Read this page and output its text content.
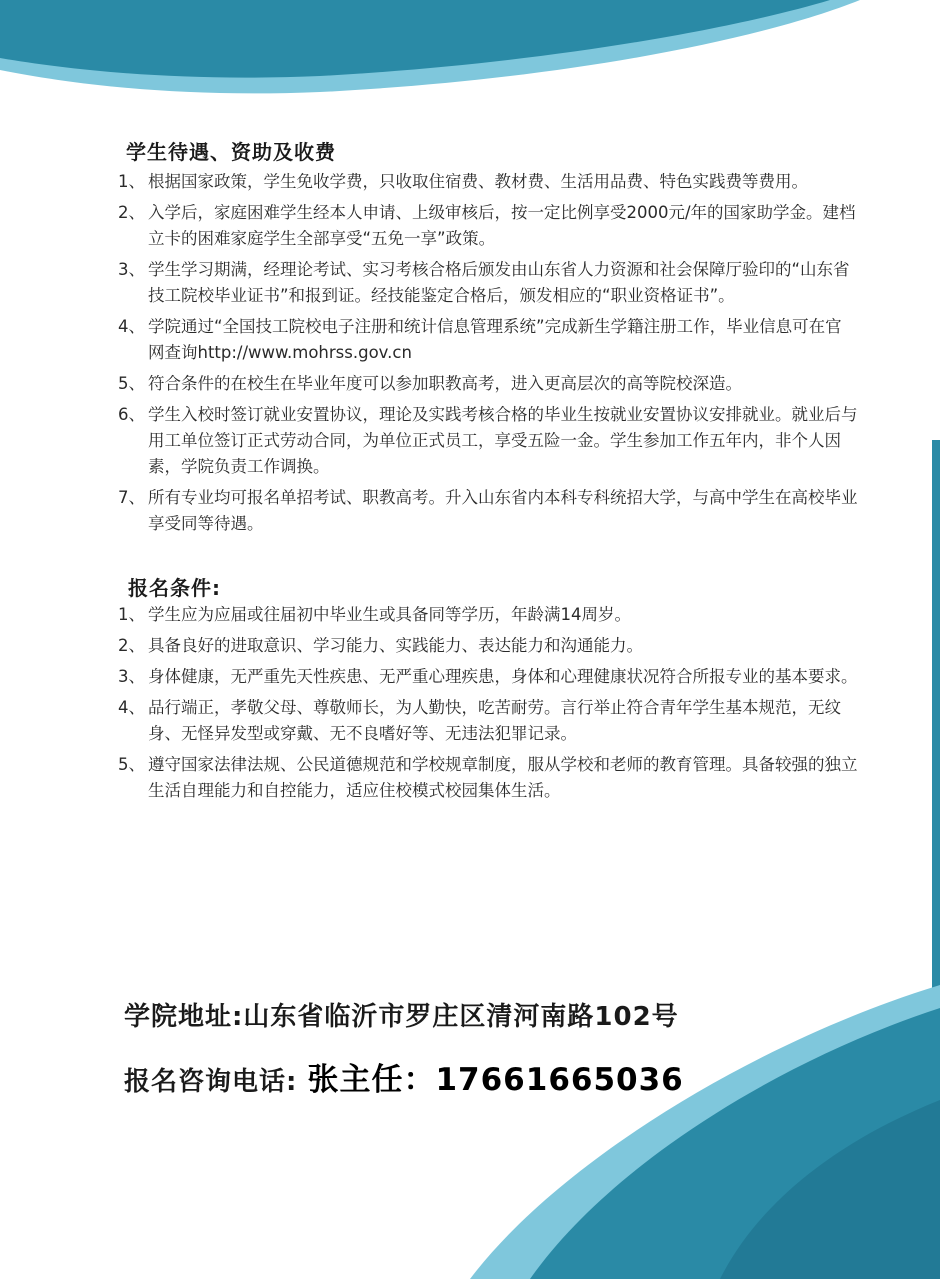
学生待遇、资助及收费
1、 根据国家政策，学生免收学费，只收取住宿费、教材费、生活用品费、特色实践费等费用。
2、 入学后，家庭困难学生经本人申请、上级审核后，按一定比例享受2000元/年的国家助学金。建档立卡的困难家庭学生全部享受“五免一享”政策。
3、 学生学习期满，经理论考试、实习考核合格后颁发由山东省人力资源和社会保障厅验印的“山东省技工院校毕业证书”和报到证。经技能鉴定合格后，颁发相应的“职业资格证书”。
4、 学院通过“全国技工院校电子注册和统计信息管理系统”完成新生学籍注册工作，毕业信息可在官网查询http://www.mohrss.gov.cn
5、 符合条件的在校生在毕业年度可以参加职教高考，进入更高层次的高等院校深造。
6、 学生入校时签订就业安置协议，理论及实践考核合格的毕业生按就业安置协议安排就业。就业后与用工单位签订正式劳动合同，为单位正式员工，享受五险一金。学生参加工作五年内，非个人因素，学院负责工作调换。
7、 所有专业均可报名单招考试、职教高考。升入山东省内本科专科统招大学，与高中学生在高校毕业享受同等待遇。
报名条件:
1、 学生应为应届或往届初中毕业生或具备同等学历，年龄满14周岁。
2、 具备良好的进取意识、学习能力、实践能力、表达能力和沟通能力。
3、 身体健康，无严重先天性疾患、无严重心理疾患，身体和心理健康状况符合所报专业的基本要求。
4、 品行端正，孝敬父母、尊敬师长，为人勤快，吃苦耐劳。言行举止符合青年学生基本规范，无纹身、无怪异发型或穿戴、无不良嗜好等、无违法犯罪记录。
5、 遵守国家法律法规、公民道德规范和学校规章制度，服从学校和老师的教育管理。具备较强的独立生活自理能力和自控能力，适应住校模式校园集体生活。
学院地址:山东省临沂市罗庄区清河南路102号
报名咨询电话: 张主任：17661665036
